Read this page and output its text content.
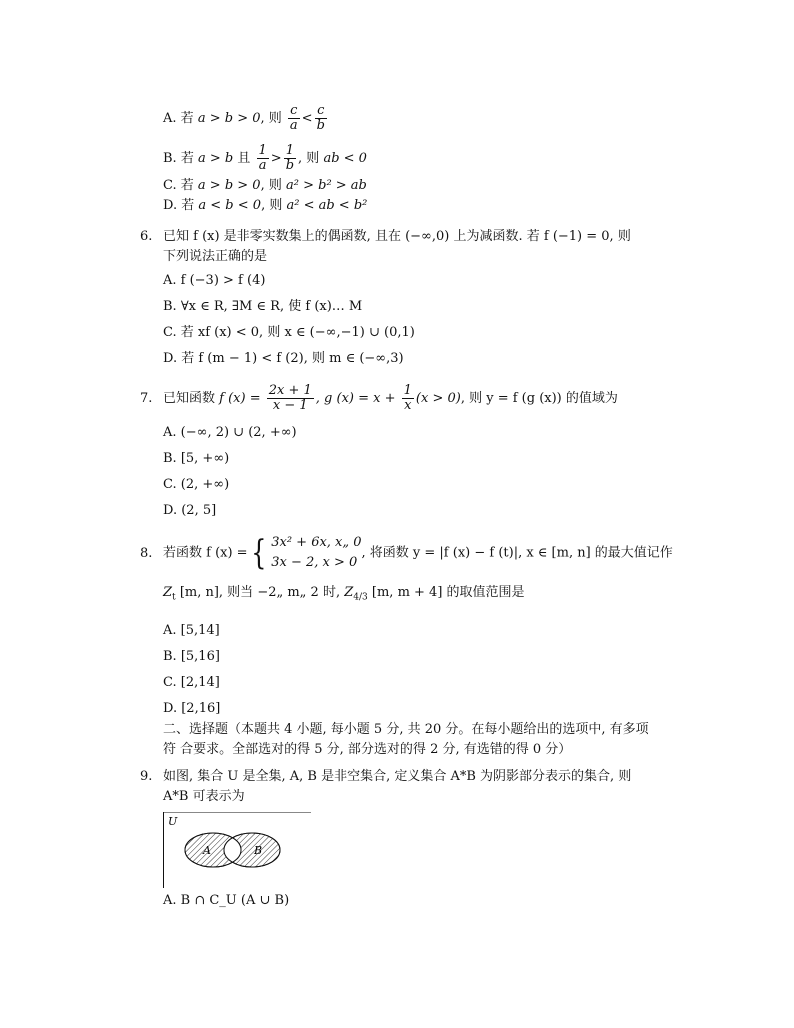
A. 若 a > b > 0, 则 $\frac{c}{a} < \frac{c}{b}$
B. 若 a > b 且 $\frac{1}{a} > \frac{1}{b}$ , 则 ab < 0
C. 若 a > b > 0, 则 a² > b² > ab
D. 若 a < b < 0, 则 a² < ab < b²
6. 已知 f (x) 是非零实数集上的偶函数, 且在 (−∞,0) 上为减函数. 若 f (−1) = 0, 则
下列说法正确的是
A. f (−3) > f (4)
B. ∀x ∈ R, ∃M ∈ R, 使 f (x)… M
C. 若 xf (x) < 0, 则 x ∈ (−∞,−1) ∪ (0,1)
D. 若 f (m − 1) < f (2), 则 m ∈ (−∞,3)
7. 已知函数 f $(x) = \frac{2x + 1}{x - 1}$ , g $(x) = x + \frac{1}{x} (x > 0)$, 则 y = f (g (x)) 的值域为
A. (−∞, 2) ∪ (2, +∞)
B. [5, +∞)
C. (2, +∞)
D. (2, 5]
8. 若函数 f (x) ={ 3x² + 6x, x„ 0
3x − 2, x > 0
, 将函数 y = |f (x) − f (t)|, x ∈ [m, n] 的最大值记作
$Z_t$ [m, n], 则当 −2„ m„ 2 时, $Z_{4/3}$ [m, m + 4] 的取值范围是
A. [5,14]
B. [5,16]
C. [2,14]
D. [2,16]
二、选择题（本题共 4 小题, 每小题 5 分, 共 20 分。在每小题给出的选项中, 有多项
符 合要求。全部选对的得 5 分, 部分选对的得 2 分, 有选错的得 0 分）
9. 如图, 集合 U 是全集, A, B 是非空集合, 定义集合 A*B 为阴影部分表示的集合, 则
A*B 可表示为
U
A	B
A. B ∩ C_U (A ∪ B)
